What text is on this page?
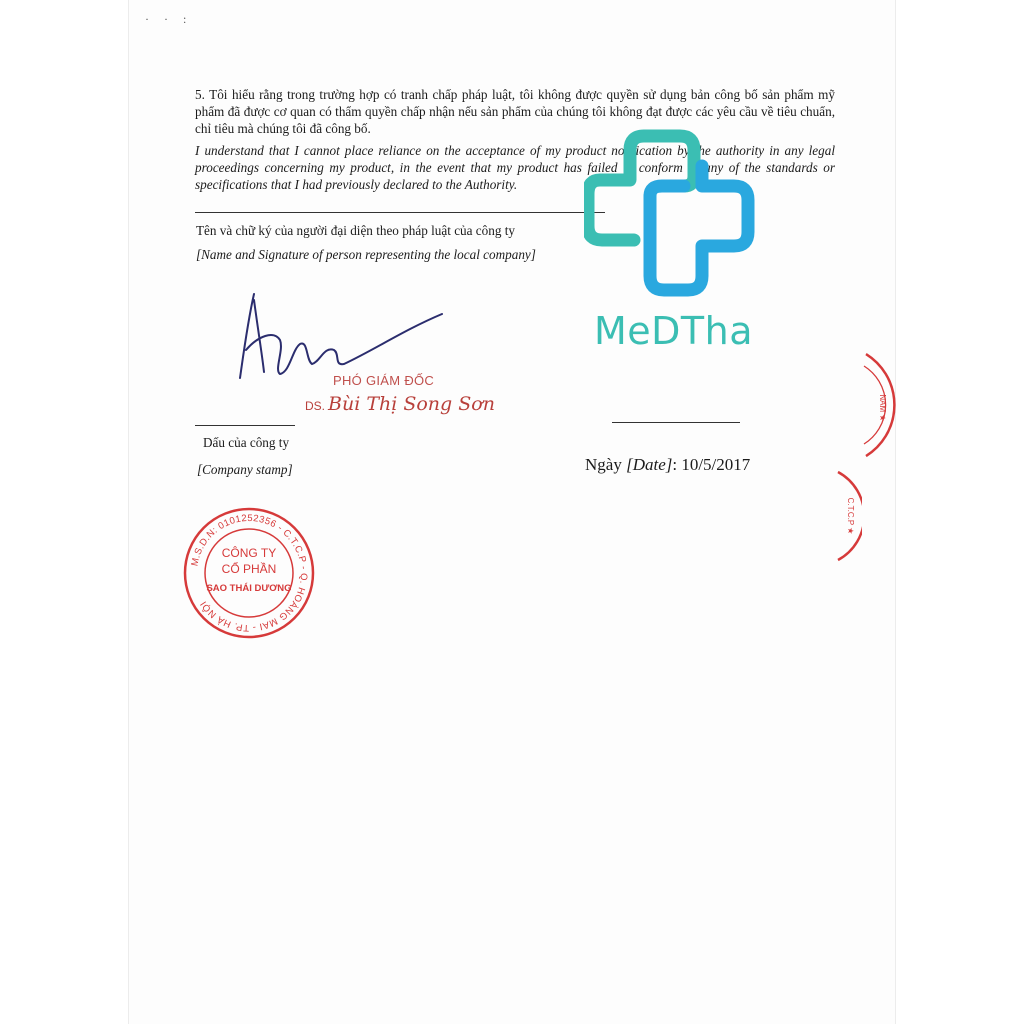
· · :
5. Tôi hiểu rằng trong trường hợp có tranh chấp pháp luật, tôi không được quyền sử dụng bản công bố sản phẩm mỹ phẩm đã được cơ quan có thẩm quyền chấp nhận nếu sản phẩm của chúng tôi không đạt được các yêu cầu về tiêu chuẩn, chỉ tiêu mà chúng tôi đã công bố.
I understand that I cannot place reliance on the acceptance of my product notification by the authority in any legal proceedings concerning my product, in the event that my product has failed to conform to any of the standards or specifications that I had previously declared to the Authority.
Tên và chữ ký của người đại diện theo pháp luật của công ty
[Name and Signature of person representing the local company]
PHÓ GIÁM ĐỐC
DS. Bùi Thị Song Sơn
Dấu của công ty
[Company stamp]	Ngày [Date]: 10/5/2017
M.S.D.N: 0101252356 - C.T.C.P - Q. HOÀNG MAI - TP. HÀ NỘI
CÔNG TY
CỔ PHẦN
SAO THÁI DƯƠNG
NAM ★
C.T.C.P ★
MeDTha
